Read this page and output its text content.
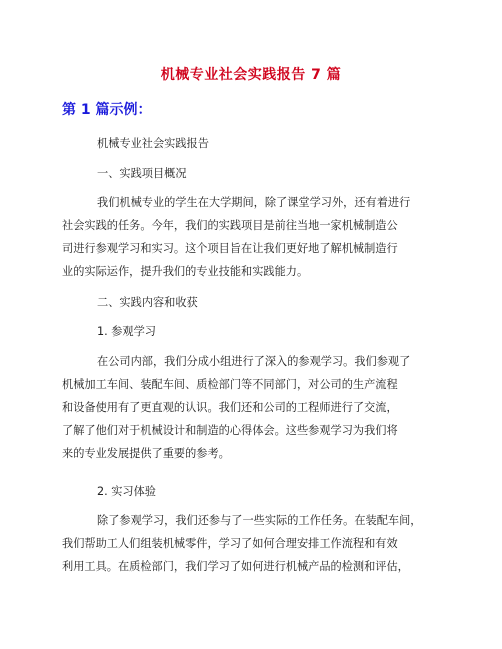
机械专业社会实践报告 7 篇
第 1 篇示例：
机械专业社会实践报告
一、实践项目概况
我们机械专业的学生在大学期间，除了课堂学习外，还有着进行
社会实践的任务。今年，我们的实践项目是前往当地一家机械制造公
司进行参观学习和实习。这个项目旨在让我们更好地了解机械制造行
业的实际运作，提升我们的专业技能和实践能力。
二、实践内容和收获
1. 参观学习
在公司内部，我们分成小组进行了深入的参观学习。我们参观了
机械加工车间、装配车间、质检部门等不同部门，对公司的生产流程
和设备使用有了更直观的认识。我们还和公司的工程师进行了交流，
了解了他们对于机械设计和制造的心得体会。这些参观学习为我们将
来的专业发展提供了重要的参考。
2. 实习体验
除了参观学习，我们还参与了一些实际的工作任务。在装配车间，
我们帮助工人们组装机械零件，学习了如何合理安排工作流程和有效
利用工具。在质检部门，我们学习了如何进行机械产品的检测和评估，
